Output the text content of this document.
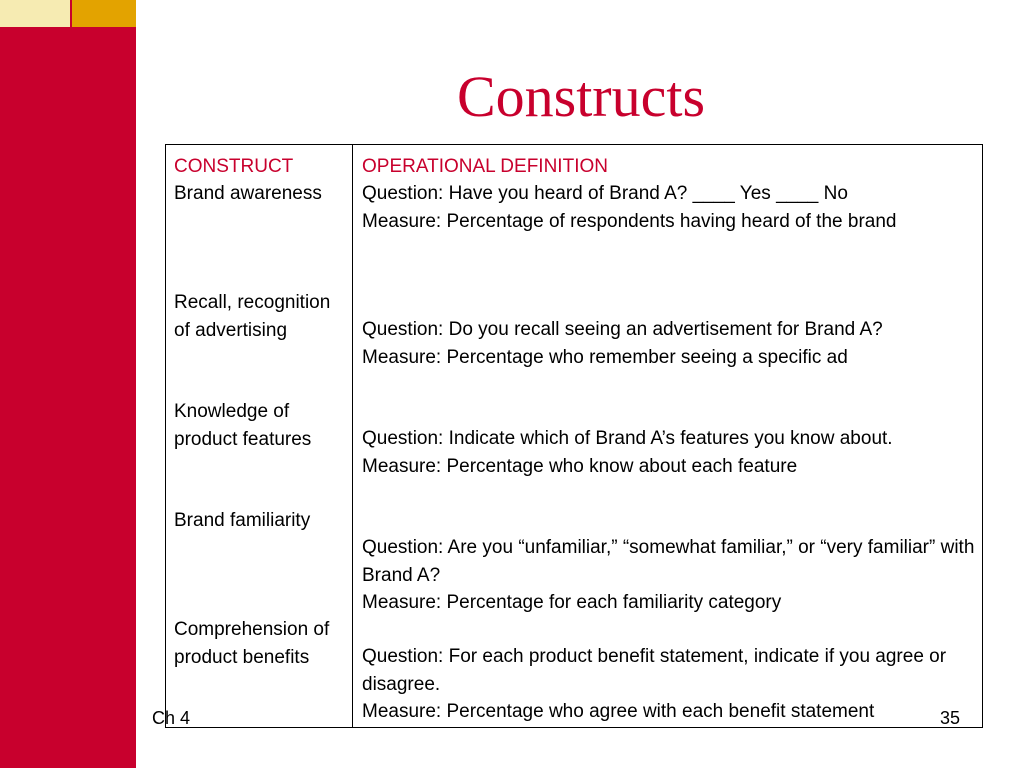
Constructs
CONSTRUCT
Brand awareness
Recall, recognition of advertising
Knowledge of product features
Brand familiarity
Comprehension of product benefits
OPERATIONAL DEFINITION
Question: Have you heard of Brand A? ____ Yes ____ No
Measure: Percentage of respondents having heard of the brand
Question: Do you recall seeing an advertisement for Brand A?
Measure: Percentage who remember seeing a specific ad
Question: Indicate which of Brand A’s features you know about.
Measure: Percentage who know about each feature
Question: Are you “unfamiliar,” “somewhat familiar,” or “very familiar” with Brand A?
Measure: Percentage for each familiarity category
Question: For each product benefit statement, indicate if you agree or disagree.
Measure: Percentage who agree with each benefit statement
Ch 4	35
